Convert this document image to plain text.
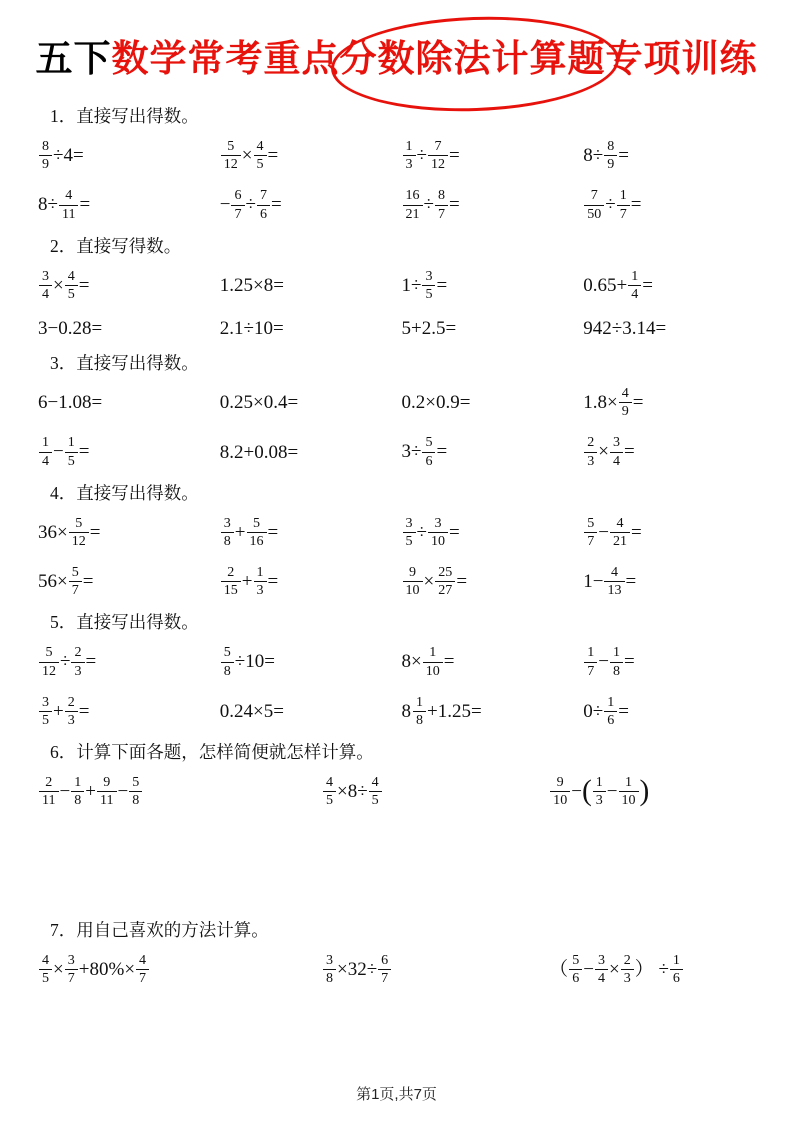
五下数学常考重点分数除法计算题专项训练
1．直接写出得数。
$\frac{8}{9} \div 4=$	$\frac{5}{12} \times \frac{4}{5}$ =	$\frac{1}{3} \div \frac{7}{12}$ =	$8\div \frac{8}{9}$ =
$8\div \frac{4}{11}$ =	− $\frac{6}{7} \div \frac{7}{6}$ =	$\frac{16}{21} \div \frac{8}{7}$ =	$\frac{7}{50} \div \frac{1}{7}$ =
2．直接写得数。
$\frac{3}{4} \times \frac{4}{5}$ =	1.25×8=	$1\div \frac{3}{5}$ =	$0.65+ \frac{1}{4}$ =
3−0.28=	2.1÷10=	5+2.5=	942÷3.14=
3．直接写出得数。
6−1.08=	0.25×0.4=	0.2×0.9=	$1.8\times \frac{4}{9}$ =
$\frac{1}{4} - \frac{1}{5}$ =	8.2+0.08=	$3\div \frac{5}{6}$ =	$\frac{2}{3} \times \frac{3}{4}$ =
4．直接写出得数。
$36\times \frac{5}{12}$ =	$\frac{3}{8} + \frac{5}{16}$ =	$\frac{3}{5} \div \frac{3}{10}$ =	$\frac{5}{7} - \frac{4}{21}$ =
$56\times \frac{5}{7}$ =	$\frac{2}{15} + \frac{1}{3}$ =	$\frac{9}{10} \times \frac{25}{27}$ =	$1- \frac{4}{13}$ =
5．直接写出得数。
$\frac{5}{12} \div \frac{2}{3}$ =	$\frac{5}{8} \div 10=$	$8\times \frac{1}{10}$ =	$\frac{1}{7} - \frac{1}{8}$ =
$\frac{3}{5} + \frac{2}{3}$ =	0.24×5=	$8 \frac{1}{8} +1.25=$	$0\div \frac{1}{6}$ =
6．计算下面各题，怎样简便就怎样计算。
$\frac{2}{11} - \frac{1}{8} + \frac{9}{11} - \frac{5}{8}$	$\frac{4}{5} \times 8\div \frac{4}{5}$	$\frac{9}{10}$ −( $\frac{1}{3} - \frac{1}{10}$ )
7．用自己喜欢的方法计算。
$\frac{4}{5} \times \frac{3}{7} +80\%\times \frac{4}{7}$	$\frac{3}{8} \times 32\div \frac{6}{7}$	（ $\frac{5}{6} - \frac{3}{4} \times \frac{2}{3}$ ） ÷ $\frac{1}{6}$
第1页,共7页
